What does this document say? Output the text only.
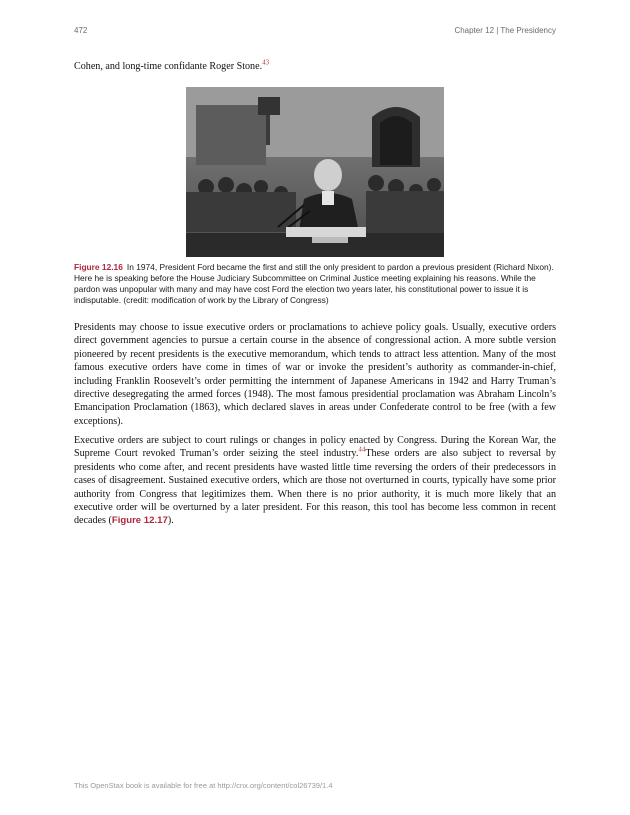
472	Chapter 12 | The Presidency
Cohen, and long-time confidante Roger Stone.$^{43}$
Figure 12.16 In 1974, President Ford became the first and still the only president to pardon a previous president (Richard Nixon). Here he is speaking before the House Judiciary Subcommittee on Criminal Justice meeting explaining his reasons. While the pardon was unpopular with many and may have cost Ford the election two years later, his constitutional power to issue it is indisputable. (credit: modification of work by the Library of Congress)
Presidents may choose to issue executive orders or proclamations to achieve policy goals. Usually, executive orders direct government agencies to pursue a certain course in the absence of congressional action. A more subtle version pioneered by recent presidents is the executive memorandum, which tends to attract less attention. Many of the most famous executive orders have come in times of war or invoke the president’s authority as commander-in-chief, including Franklin Roosevelt’s order permitting the internment of Japanese Americans in 1942 and Harry Truman’s directive desegregating the armed forces (1948). The most famous presidential proclamation was Abraham Lincoln’s Emancipation Proclamation (1863), which declared slaves in areas under Confederate control to be free (with a few exceptions).
Executive orders are subject to court rulings or changes in policy enacted by Congress. During the Korean War, the Supreme Court revoked Truman’s order seizing the steel industry.$^{44}$These orders are also subject to reversal by presidents who come after, and recent presidents have wasted little time reversing the orders of their predecessors in cases of disagreement. Sustained executive orders, which are those not overturned in courts, typically have some prior authority from Congress that legitimizes them. When there is no prior authority, it is much more likely that an executive order will be overturned by a later president. For this reason, this tool has become less common in recent decades (Figure 12.17).
This OpenStax book is available for free at http://cnx.org/content/col26739/1.4
